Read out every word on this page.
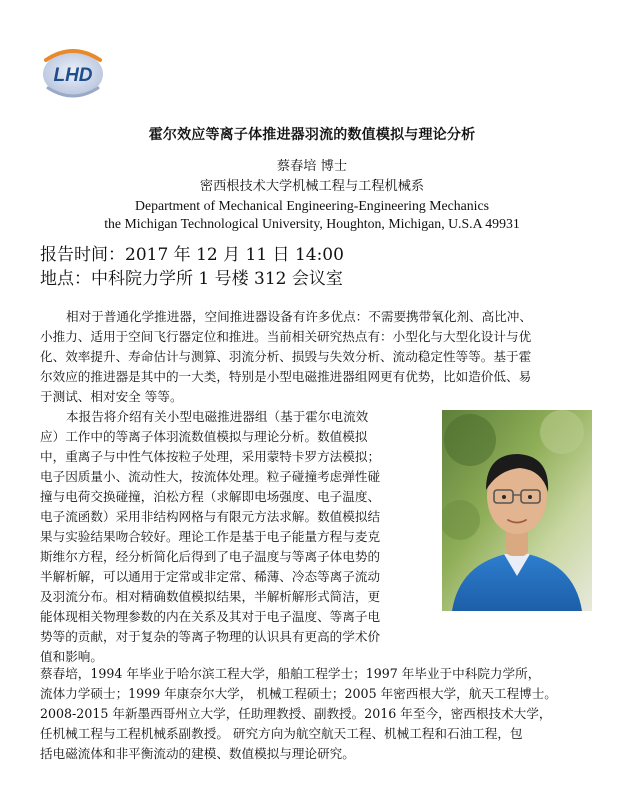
LHD
霍尔效应等离子体推进器羽流的数值模拟与理论分析
蔡春培 博士
密西根技术大学机械工程与工程机械系
Department of Mechanical Engineering-Engineering Mechanics
the Michigan Technological University, Houghton, Michigan, U.S.A 49931
报告时间：2017 年 12 月 11 日 14:00
地点：中科院力学所 1 号楼 312 会议室
相对于普通化学推进器，空间推进器设备有许多优点：不需要携带氧化剂、高比冲、
小推力、适用于空间飞行器定位和推进。当前相关研究热点有：小型化与大型化设计与优
化、效率提升、寿命估计与测算、羽流分析、损毁与失效分析、流动稳定性等等。基于霍
尔效应的推进器是其中的一大类，特别是小型电磁推进器组网更有优势，比如造价低、易
于测试、相对安全 等等。
本报告将介绍有关小型电磁推进器组（基于霍尔电流效
应）工作中的等离子体羽流数值模拟与理论分析。数值模拟
中，重离子与中性气体按粒子处理，采用蒙特卡罗方法模拟；
电子因质量小、流动性大，按流体处理。粒子碰撞考虑弹性碰
撞与电荷交换碰撞，泊松方程（求解即电场强度、电子温度、
电子流函数）采用非结构网格与有限元方法求解。数值模拟结
果与实验结果吻合较好。理论工作是基于电子能量方程与麦克
斯维尔方程，经分析简化后得到了电子温度与等离子体电势的
半解析解，可以通用于定常或非定常、稀薄、冷态等离子流动
及羽流分布。相对精确数值模拟结果，半解析解形式简洁，更
能体现相关物理参数的内在关系及其对于电子温度、等离子电
势等的贡献，对于复杂的等离子物理的认识具有更高的学术价
值和影响。
蔡春培，1994 年毕业于哈尔滨工程大学，船舶工程学士；1997 年毕业于中科院力学所，
流体力学硕士；1999 年康奈尔大学， 机械工程硕士；2005 年密西根大学，航天工程博士。
2008-2015 年新墨西哥州立大学，任助理教授、副教授。2016 年至今，密西根技术大学，
任机械工程与工程机械系副教授。 研究方向为航空航天工程、机械工程和石油工程，包
括电磁流体和非平衡流动的建模、数值模拟与理论研究。
